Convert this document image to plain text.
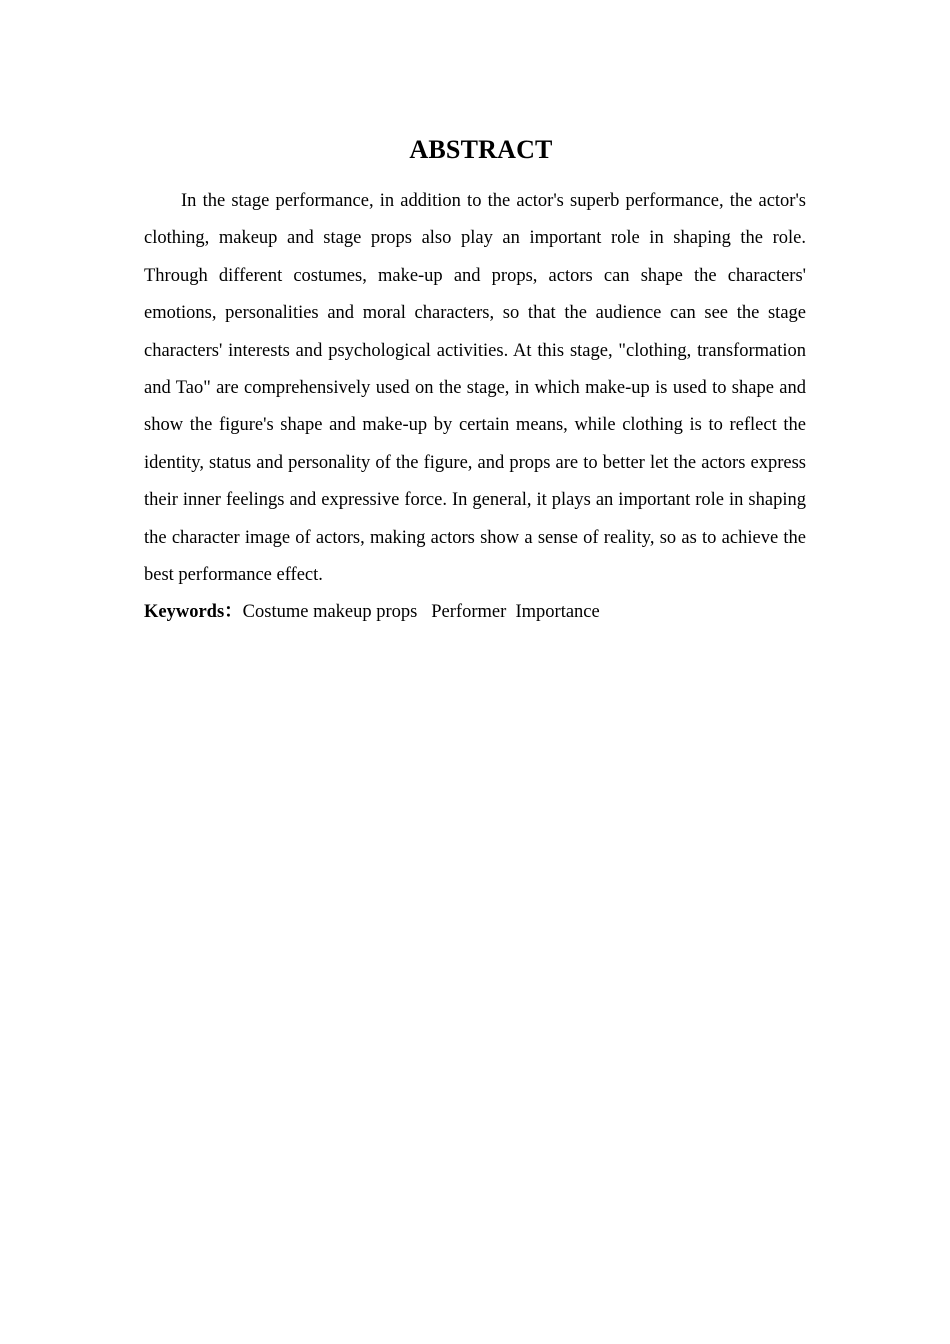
ABSTRACT

In the stage performance, in addition to the actor's superb performance, the actor's clothing, makeup and stage props also play an important role in shaping the role. Through different costumes, make-up and props, actors can shape the characters' emotions, personalities and moral characters, so that the audience can see the stage characters' interests and psychological activities. At this stage, "clothing, transformation and Tao" are comprehensively used on the stage, in which make-up is used to shape and show the figure's shape and make-up by certain means, while clothing is to reflect the identity, status and personality of the figure, and props are to better let the actors express their inner feelings and expressive force. In general, it plays an important role in shaping the character image of actors, making actors show a sense of reality, so as to achieve the best performance effect.

Keywords：Costume makeup props   Performer  Importance
